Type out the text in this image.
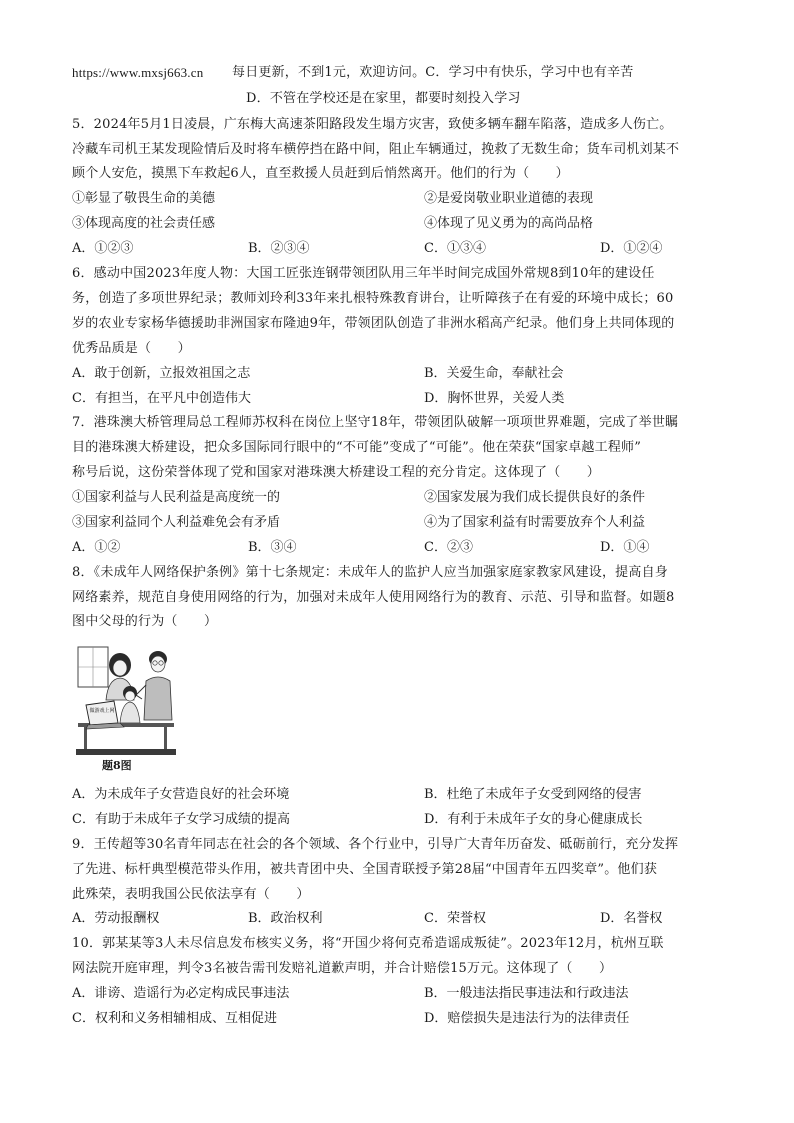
https://www.mxsj663.cn 每日更新，不到1元，欢迎访问。C．学习中有快乐，学习中也有辛苦
D．不管在学校还是在家里，都要时刻投入学习
5．2024年5月1日凌晨，广东梅大高速茶阳路段发生塌方灾害，致使多辆车翻车陷落，造成多人伤亡。
冷藏车司机王某发现险情后及时将车横停挡在路中间，阻止车辆通过，挽救了无数生命；货车司机刘某不
顾个人安危，摸黑下车救起6人，直至救援人员赶到后悄然离开。他们的行为（　　）
①彰显了敬畏生命的美德	②是爱岗敬业职业道德的表现
③体现高度的社会责任感	④体现了见义勇为的高尚品格
A．①②③	B．②③④	C．①③④	D．①②④
6．感动中国2023年度人物：大国工匠张连钢带领团队用三年半时间完成国外常规8到10年的建设任
务，创造了多项世界纪录；教师刘玲利33年来扎根特殊教育讲台，让听障孩子在有爱的环境中成长；60
岁的农业专家杨华德援助非洲国家布隆迪9年，带领团队创造了非洲水稻高产纪录。他们身上共同体现的
优秀品质是（　　）
A．敢于创新，立报效祖国之志	B．关爱生命，奉献社会
C．有担当，在平凡中创造伟大	D．胸怀世界，关爱人类
7．港珠澳大桥管理局总工程师苏权科在岗位上坚守18年，带领团队破解一项项世界难题，完成了举世瞩
目的港珠澳大桥建设，把众多国际同行眼中的“不可能”变成了“可能”。他在荣获“国家卓越工程师”
称号后说，这份荣誉体现了党和国家对港珠澳大桥建设工程的充分肯定。这体现了（　　）
①国家利益与人民利益是高度统一的	②国家发展为我们成长提供良好的条件
③国家利益同个人利益难免会有矛盾	④为了国家利益有时需要放弃个人利益
A．①②	B．③④	C．②③	D．①④
8．《未成年人网络保护条例》第十七条规定：未成年人的监护人应当加强家庭家教家风建设，提高自身
网络素养，规范自身使用网络的行为，加强对未成年人使用网络行为的教育、示范、引导和监督。如题8
图中父母的行为（　　）
做游戏上网
题8图
A．为未成年子女营造良好的社会环境	B．杜绝了未成年子女受到网络的侵害
C．有助于未成年子女学习成绩的提高	D．有利于未成年子女的身心健康成长
9．王传超等30名青年同志在社会的各个领域、各个行业中，引导广大青年历奋发、砥砺前行，充分发挥
了先进、标杆典型模范带头作用，被共青团中央、全国青联授予第28届“中国青年五四奖章”。他们获
此殊荣，表明我国公民依法享有（　　）
A．劳动报酬权	B．政治权利	C．荣誉权	D．名誉权
10．郭某某等3人未尽信息发布核实义务，将“开国少将何克希造谣成叛徒”。2023年12月，杭州互联
网法院开庭审理，判令3名被告需刊发赔礼道歉声明，并合计赔偿15万元。这体现了（　　）
A．诽谤、造谣行为必定构成民事违法	B．一般违法指民事违法和行政违法
C．权利和义务相辅相成、互相促进	D．赔偿损失是违法行为的法律责任
